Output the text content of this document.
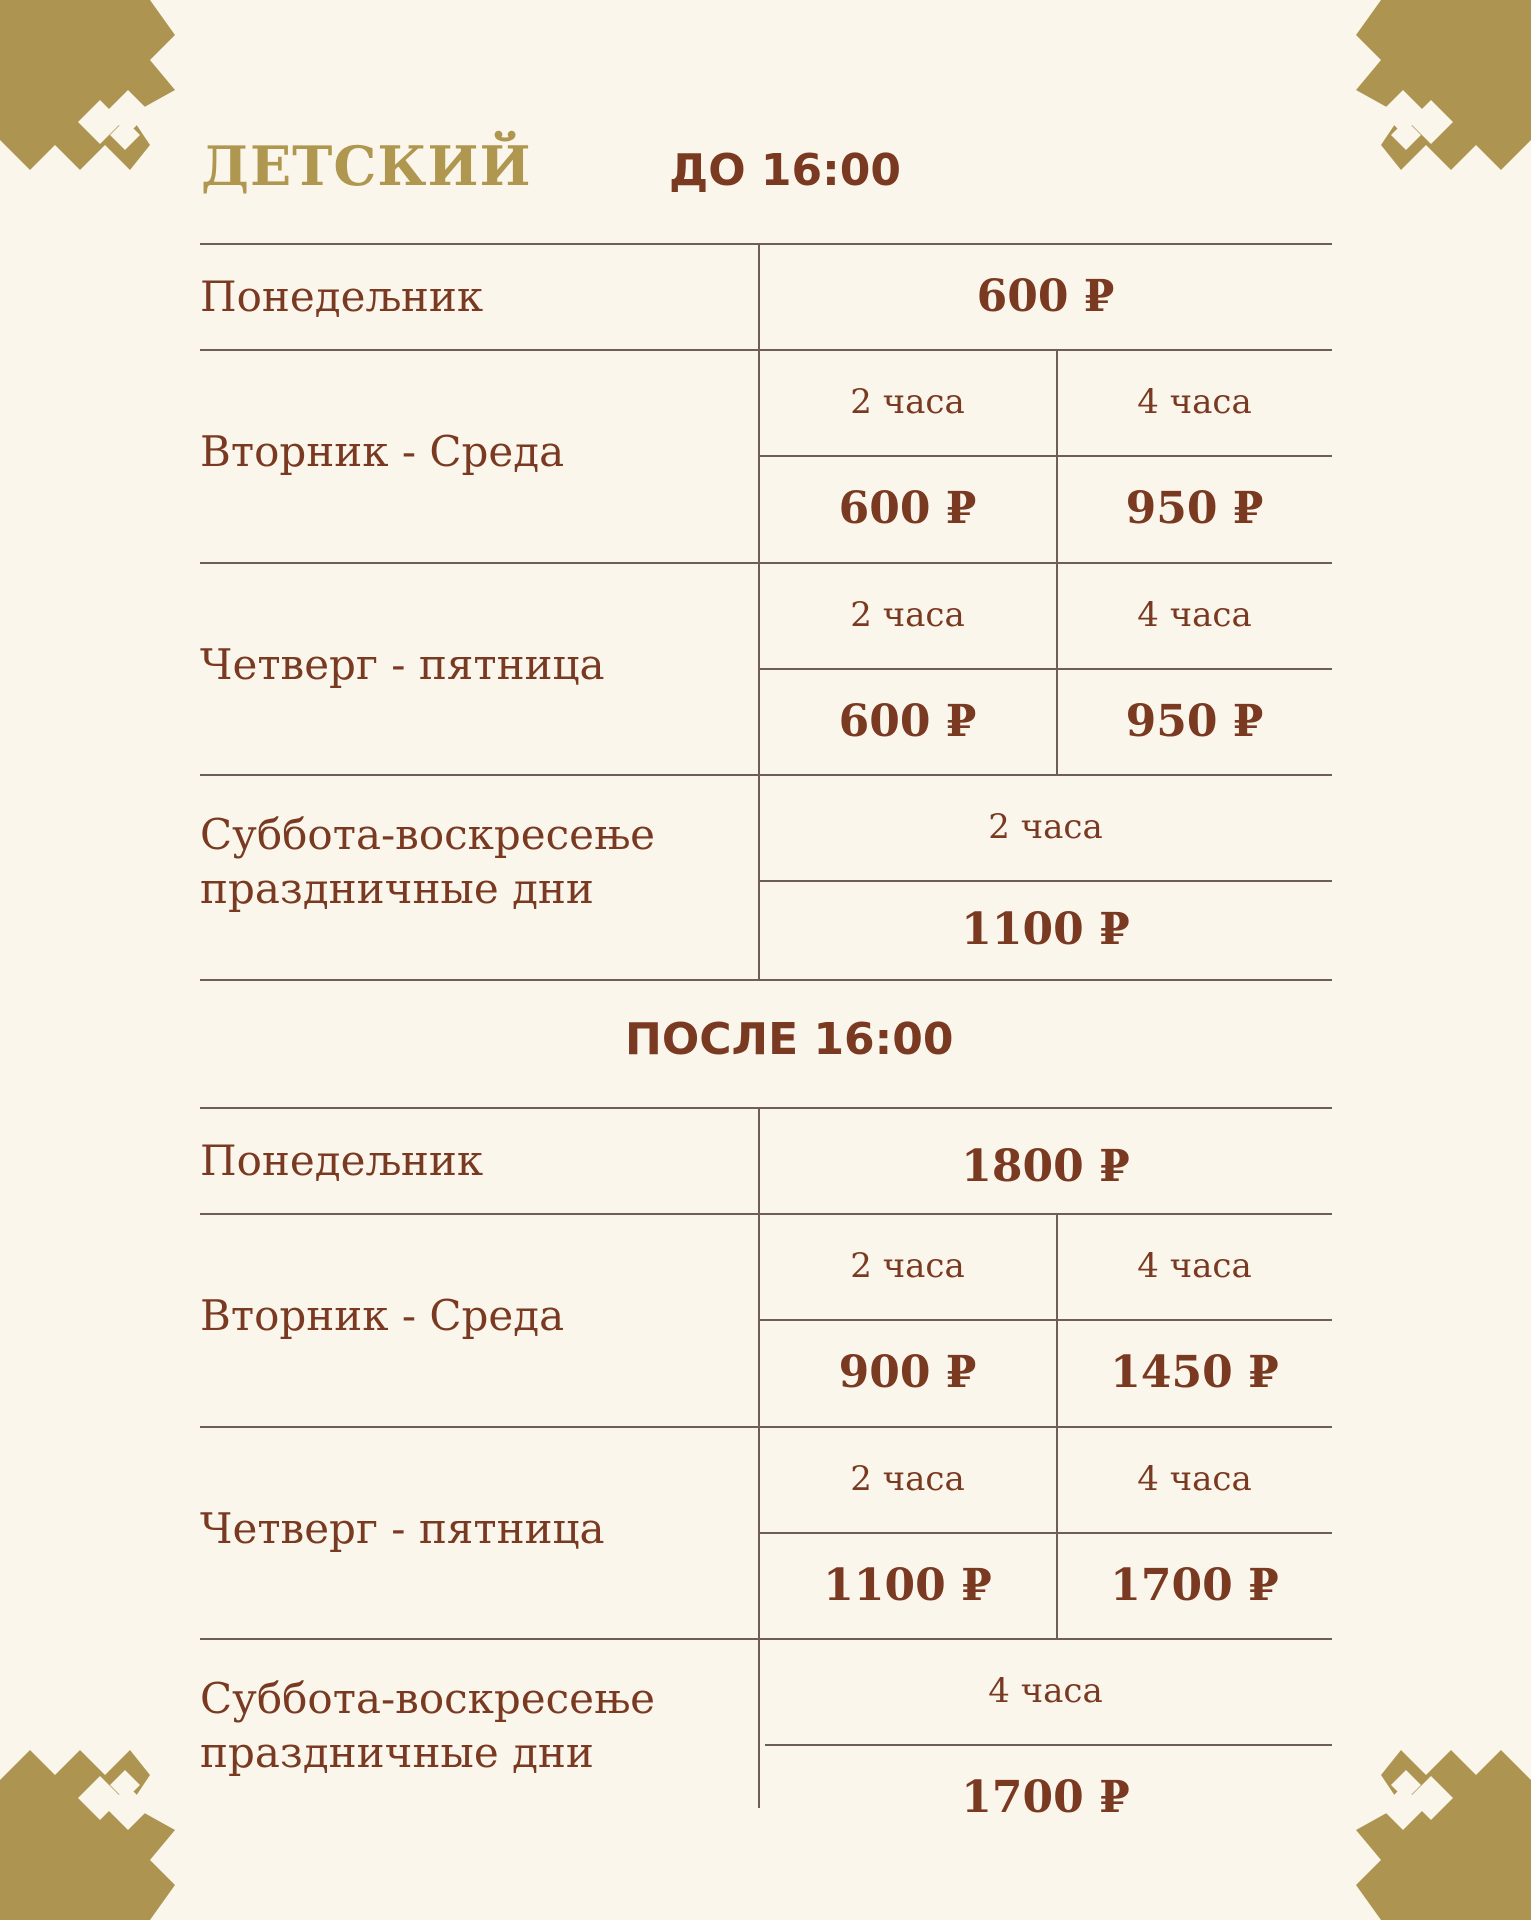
ДЕТСКИЙ	ДО 16:00
Понедељник	600 ₽
Вторник - Среда
2 часа	4 часа
600 ₽	950 ₽
Четверг - пятница
2 часа	4 часа
600 ₽	950 ₽
Суббота-воскресење
праздничные дни
2 часа
1100 ₽
ПОСЛЕ 16:00
Понедељник	1800 ₽
Вторник - Среда
2 часа	4 часа
900 ₽	1450 ₽
Четверг - пятница
2 часа	4 часа
1100 ₽	1700 ₽
Суббота-воскресење
праздничные дни
4 часа
1700 ₽
